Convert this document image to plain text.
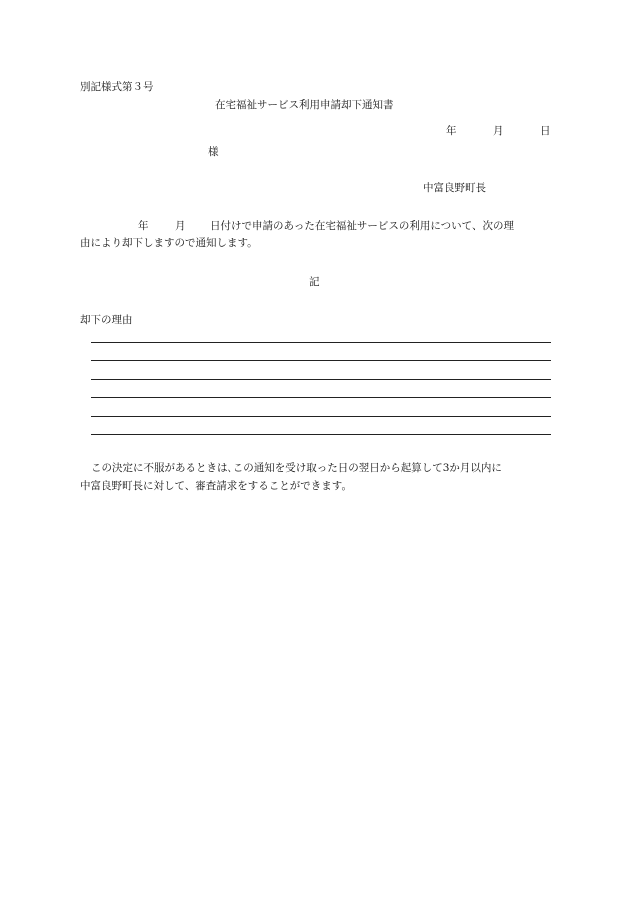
別記様式第３号

在宅福祉サービス利用申請却下通知書

年	月	日

様

中富良野町長

年	月 日付けで申請のあった在宅福祉サービスの利用について、次の理

由により却下しますので通知します。

記

却下の理由

この決定に不服があるときは､この通知を受け取った日の翌日から起算して3か月以内に

中富良野町長に対して、審査請求をすることができます。
